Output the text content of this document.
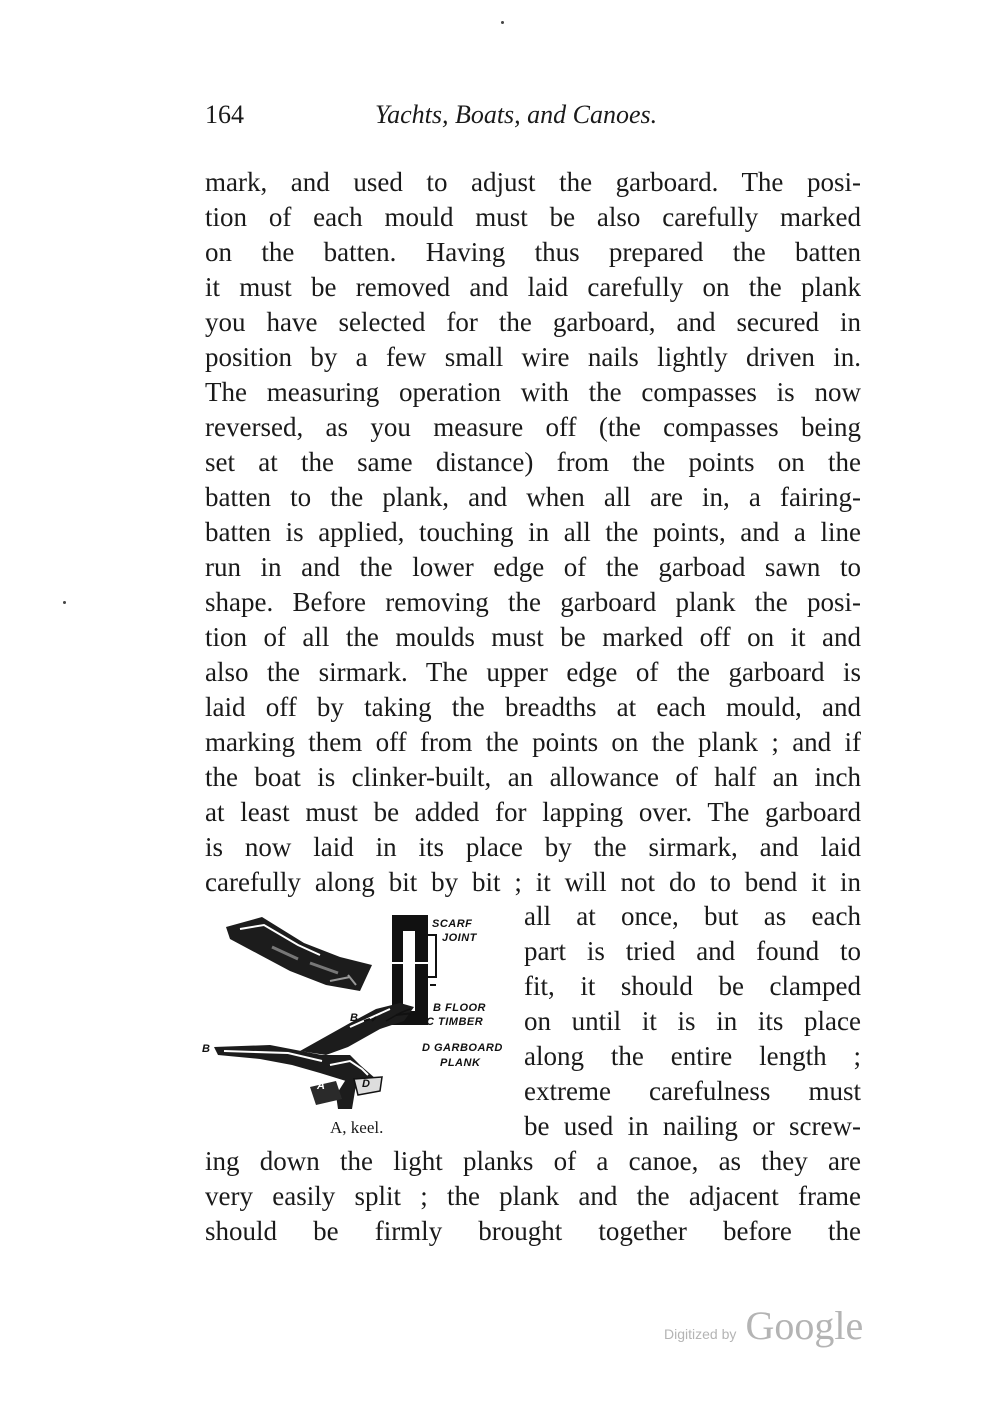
164	Yachts, Boats, and Canoes.
mark, and used to adjust the garboard. The posi-
tion of each mould must be also carefully marked
on the batten. Having thus prepared the batten
it must be removed and laid carefully on the plank
you have selected for the garboard, and secured in
position by a few small wire nails lightly driven in.
The measuring operation with the compasses is now
reversed, as you measure off (the compasses being
set at the same distance) from the points on the
batten to the plank, and when all are in, a fairing-
batten is applied, touching in all the points, and a line
run in and the lower edge of the garboad sawn to
shape. Before removing the garboard plank the posi-
tion of all the moulds must be marked off on it and
also the sirmark. The upper edge of the garboard is
laid off by taking the breadths at each mould, and
marking them off from the points on the plank ; and if
the boat is clinker-built, an allowance of half an inch
at least must be added for lapping over. The garboard
is now laid in its place by the sirmark, and laid
carefully along bit by bit ; it will not do to bend it in
all at once, but as each
part is tried and found to
fit, it should be clamped
on until it is in its place
along the entire length ;
extreme carefulness must
be used in nailing or screw-
ing down the light planks of a canoe, as they are
very easily split ; the plank and the adjacent frame
should be firmly brought together before the
SCARF
JOINT
B FLOOR
C TIMBER
D GARBOARD
PLANK
B
B
A	D
A, keel.
Digitized by Google
